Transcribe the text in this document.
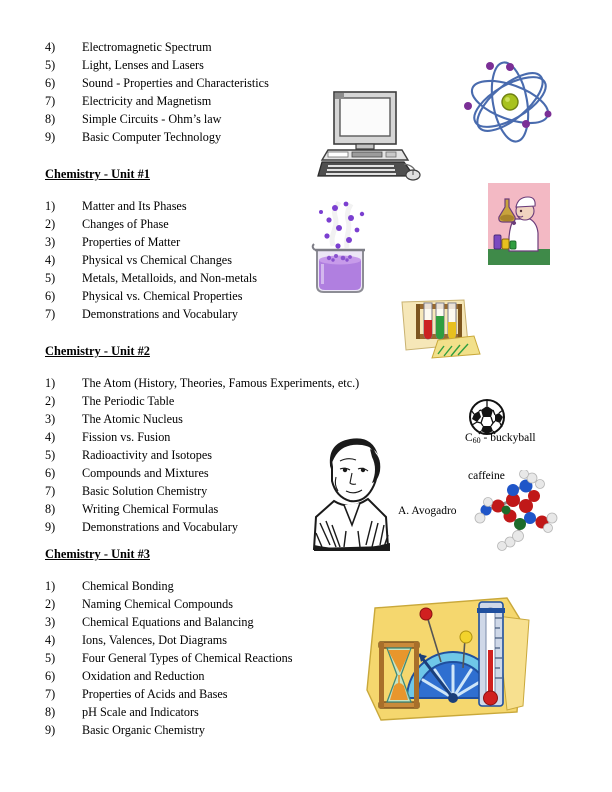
4) Electromagnetic Spectrum
5) Light, Lenses and Lasers
6) Sound - Properties and Characteristics
7) Electricity and Magnetism
8) Simple Circuits - Ohm’s law
9) Basic Computer Technology
Chemistry - Unit #1
1) Matter and Its Phases
2) Changes of Phase
3) Properties of Matter
4) Physical vs Chemical Changes
5) Metals, Metalloids, and Non-metals
6) Physical vs. Chemical Properties
7) Demonstrations and Vocabulary
Chemistry - Unit #2
1) The Atom (History, Theories, Famous Experiments, etc.)
2) The Periodic Table
3) The Atomic Nucleus
4) Fission vs. Fusion
5) Radioactivity and Isotopes
6) Compounds and Mixtures
7) Basic Solution Chemistry
8) Writing Chemical Formulas
9) Demonstrations and Vocabulary
Chemistry - Unit #3
1) Chemical Bonding
2) Naming Chemical Compounds
3) Chemical Equations and Balancing
4) Ions, Valences, Dot Diagrams
5) Four General Types of Chemical Reactions
6) Oxidation and Reduction
7) Properties of Acids and Bases
8) pH Scale and Indicators
9) Basic Organic Chemistry
$C_{60}$ - buckyball
A. Avogadro
caffeine
